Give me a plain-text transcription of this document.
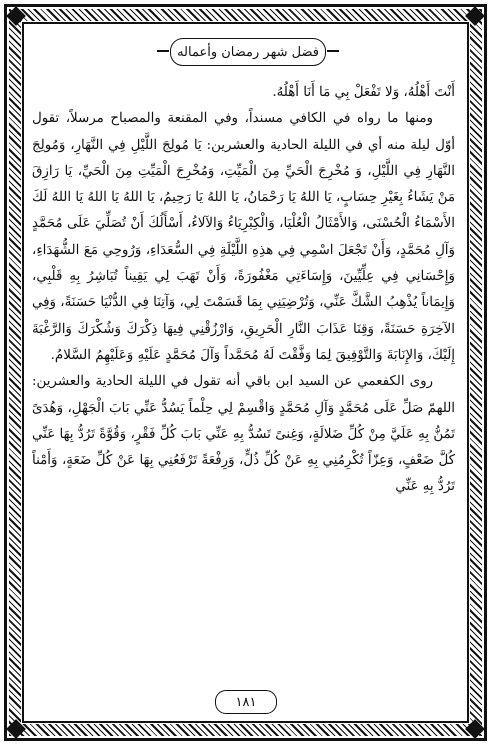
فضل شهر رمضان وأعماله

أَنْتَ أَهْلُهُ، وَلا تَفْعَلْ بِي مَا أَنَا أَهْلُهُ.

ومنها ما رواه في الكافي مسنداً، وفي المقنعة والمصباح مرسلاً، تقول أوّل ليلة منه أي في الليلة الحادية والعشرين: يَا مُولِجَ اللَّيْلِ فِي النَّهَارِ، وَمُولِجَ النَّهَارِ فِي اللَّيْلِ، وَ مُخْرِجَ الْحَيِّ مِنَ الْمَيِّتِ، وَمُخْرِجَ الْمَيِّتِ مِنَ الْحَيِّ، يَا رَازِقَ مَنْ يَشَاءُ بِغَيْرِ حِسَابٍ، يَا اللهُ يَا رَحْمَانُ، يَا اللهُ يَا رَحِيمُ، يَا اللهُ يَا اللهُ يَا اللهُ لَكَ الأَسْمَاءُ الْحُسْنَى، وَالأَمْثَالُ الْعُلْيَا، وَالْكِبْرِيَاءُ وَالآلاءُ، أَسْأَلُكَ أَنْ تُصَلِّيَ عَلَى مُحَمَّدٍ وَآلِ مُحَمَّدٍ، وَأَنْ تَجْعَلَ اسْمِي فِي هذِهِ اللَّيْلَةِ فِي السُّعَدَاءِ، وَرُوحِي مَعَ الشُّهَدَاءِ، وَإِحْسَانِي فِي عِلِّيِّينَ، وَإِسَاءَتِي مَغْفُورَةً، وَأَنْ تَهَبَ لِي يَقِيناً تُبَاشِرُ بِهِ قَلْبِي، وَإِيمَاناً يُذْهِبُ الشَّكَّ عَنِّي، وَتُرْضِيَنِي بِمَا قَسَمْتَ لِي، وَآتِنَا فِي الدُّنْيَا حَسَنَةً، وَفِي الآخِرَةِ حَسَنَةً، وَقِنَا عَذَابَ النَّارِ الْحَرِيقِ، وَارْزُقْنِي فِيهَا ذِكْرَكَ وَشُكْرَكَ وَالرَّغْبَةَ إِلَيْكَ، وَالإِنَابَةَ وَالتَّوْفِيقَ لِمَا وَفَّقْتَ لَهُ مُحَمَّداً وَآلَ مُحَمَّدٍ عَلَيْهِ وَعَلَيْهِمُ السَّلامُ.

روى الكفعمي عن السيد ابن باقي أنه تقول في الليلة الحادية والعشرين: اللهمّ صَلِّ عَلَى مُحَمَّدٍ وَآلِ مُحَمَّدٍ وَاقْسِمْ لِي حِلْماً يَسُدُّ عَنِّي بَابَ الْجَهْلِ، وَهُدَىً تَمُنُّ بِهِ عَلَيَّ مِنْ كُلِّ ضَلالَةٍ، وَغِنىً تَسُدُّ بِهِ عَنِّي بَابَ كُلِّ فَقْرٍ، وَقُوَّةً تَرُدُّ بِهَا عَنِّي كُلَّ ضَعْفٍ، وَعِزّاً تُكْرِمُنِي بِهِ عَنْ كُلِّ ذُلٍّ، وَرِفْعَةً تَرْفَعُنِي بِهَا عَنْ كُلِّ ضَعَةٍ، وَأَمْناً تَرُدُّ بِهِ عَنِّي

١٨١
